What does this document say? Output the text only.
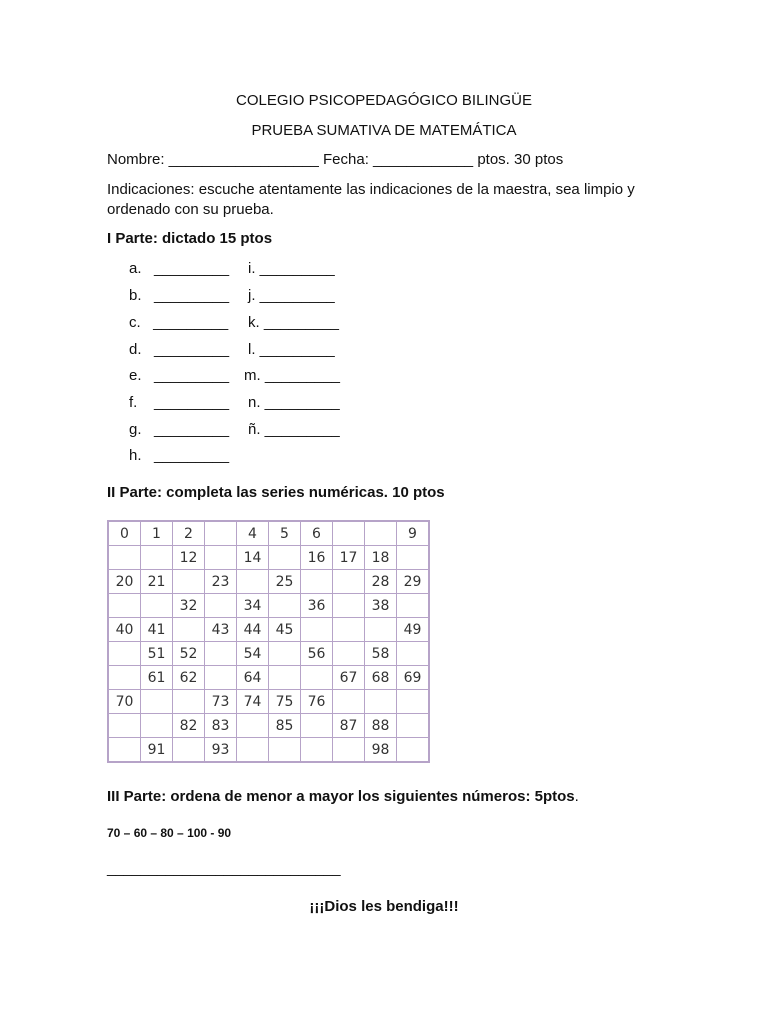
COLEGIO PSICOPEDAGÓGICO BILINGÜE
PRUEBA SUMATIVA DE MATEMÁTICA
Nombre: __________________ Fecha: ____________ ptos. 30 ptos
Indicaciones: escuche atentamente las indicaciones de la maestra, sea limpio y
ordenado con su prueba.
I Parte: dictado 15 ptos
a.   _________
b.   _________
c.   _________
d.   _________
e.   _________
f.    _________
g.   _________
h.   _________
i. _________
j. _________
k. _________
l. _________
m. _________
n. _________
ñ. _________
II Parte: completa las series numéricas. 10 ptos
0	1	2		4	5	6			9
		12		14		16	17	18	
20	21		23		25			28	29
		32		34		36		38	
40	41		43	44	45				49
	51	52		54		56		58	
	61	62		64			67	68	69
70			73	74	75	76			
		82	83		85		87	88	
	91		93					98	
III Parte: ordena de menor a mayor los siguientes números: 5ptos.
70 – 60 – 80 – 100 - 90
____________________________
¡¡¡Dios les bendiga!!!
